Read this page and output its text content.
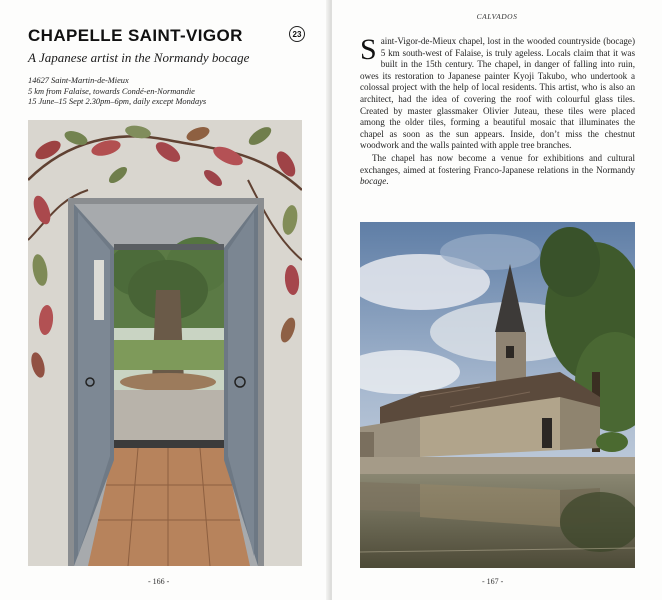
CHAPELLE SAINT-VIGOR	23
A Japanese artist in the Normandy bocage
14627 Saint-Martin-de-Mieux
5 km from Falaise, towards Condé-en-Normandie
15 June–15 Sept 2.30pm–6pm, daily except Mondays
- 166 -
CALVADOS

Saint-Vigor-de-Mieux chapel, lost in the wooded countryside (bocage) 5 km south-west of Falaise, is truly ageless. Locals claim that it was built in the 15th century. The chapel, in danger of falling into ruin, owes its restoration to Japanese painter Kyoji Takubo, who undertook a colossal project with the help of local residents. This artist, who is also an architect, had the idea of covering the roof with colourful glass tiles. Created by master glassmaker Olivier Juteau, these tiles were placed among the older tiles, forming a beautiful mosaic that illuminates the chapel as soon as the sun appears. Inside, don’t miss the chestnut woodwork and the walls painted with apple tree branches.

The chapel has now become a venue for exhibitions and cultural exchanges, aimed at fostering Franco-Japanese relations in the Normandy bocage.

- 167 -
